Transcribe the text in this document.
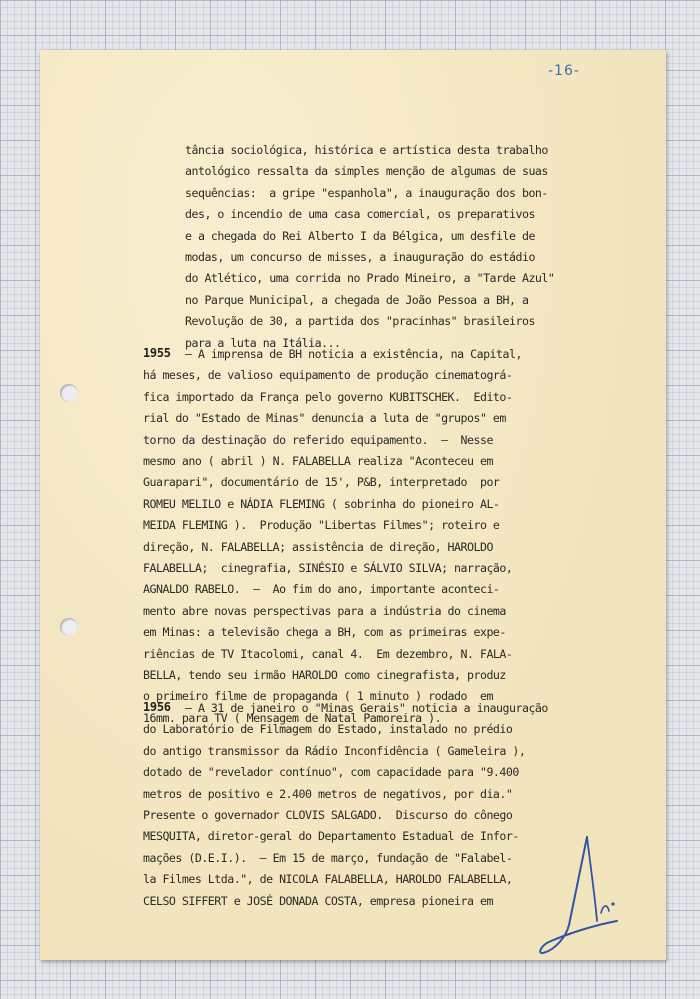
-16-
tância sociológica, histórica e artística desta trabalho
antológico ressalta da simples menção de algumas de suas
sequências:  a gripe "espanhola", a inauguração dos bon-
des, o incendio de uma casa comercial, os preparativos
e a chegada do Rei Alberto I da Bélgica, um desfile de
modas, um concurso de misses, a inauguração do estádio
do Atlético, uma corrida no Prado Mineiro, a "Tarde Azul"
no Parque Municipal, a chegada de João Pessoa a BH, a
Revolução de 30, a partida dos "pracinhas" brasileiros
para a luta na Itália...
1955 — A imprensa de BH noticia a existência, na Capital,
há meses, de valioso equipamento de produção cinematográ-
fica importado da França pelo governo KUBITSCHEK.  Edito-
rial do "Estado de Minas" denuncia a luta de "grupos" em
torno da destinação do referido equipamento.  —  Nesse
mesmo ano ( abril ) N. FALABELLA realiza "Aconteceu em
Guarapari", documentário de 15', P&B, interpretado  por
ROMEU MELILO e NÁDIA FLEMING ( sobrinha do pioneiro AL-
MEIDA FLEMING ).  Produção "Libertas Filmes"; roteiro e
direção, N. FALABELLA; assistência de direção, HAROLDO
FALABELLA;  cinegrafia, SINÉSIO e SÁLVIO SILVA; narração,
AGNALDO RABELO.  —  Ao fim do ano, importante aconteci-
mento abre novas perspectivas para a indústria do cinema
em Minas: a televisão chega a BH, com as primeiras expe-
riências de TV Itacolomi, canal 4.  Em dezembro, N. FALA-
BELLA, tendo seu irmão HAROLDO como cinegrafista, produz
o primeiro filme de propaganda ( 1 minuto ) rodado  em
16mm. para TV ( Mensagem de Natal Pamoreira ).
1956 — A 31 de janeiro o "Minas Gerais" noticia a inauguração
do Laboratório de Filmagem do Estado, instalado no prédio
do antigo transmissor da Rádio Inconfidência ( Gameleira ),
dotado de "revelador contínuo", com capacidade para "9.400
metros de positivo e 2.400 metros de negativos, por dia."
Presente o governador CLOVIS SALGADO.  Discurso do cônego
MESQUITA, diretor-geral do Departamento Estadual de Infor-
mações (D.E.I.).  — Em 15 de março, fundação de "Falabel-
la Filmes Ltda.", de NICOLA FALABELLA, HAROLDO FALABELLA,
CELSO SIFFERT e JOSÉ DONADA COSTA, empresa pioneira em
